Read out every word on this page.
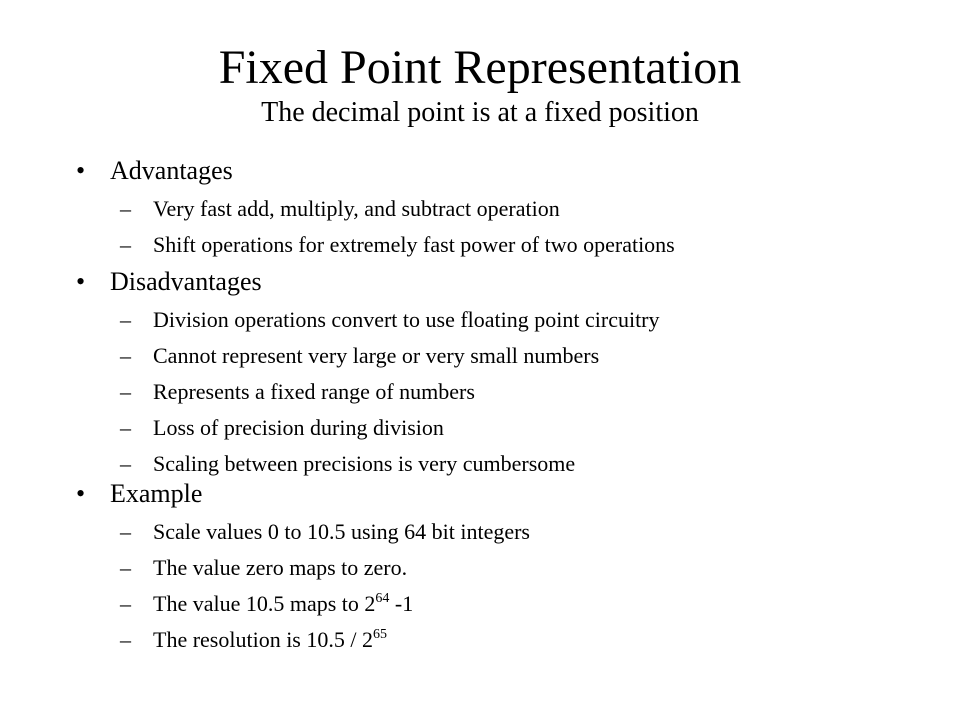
Fixed Point Representation
The decimal point is at a fixed position
• Advantages
– Very fast add, multiply, and subtract operation
– Shift operations for extremely fast power of two operations
• Disadvantages
– Division operations convert to use floating point circuitry
– Cannot represent very large or very small numbers
– Represents a fixed range of numbers
– Loss of precision during division
– Scaling between precisions is very cumbersome
• Example
– Scale values 0 to 10.5 using 64 bit integers
– The value zero maps to zero.
– The value 10.5 maps to $2^{64}$ -1
– The resolution is $10.5 / 2^{65}$
